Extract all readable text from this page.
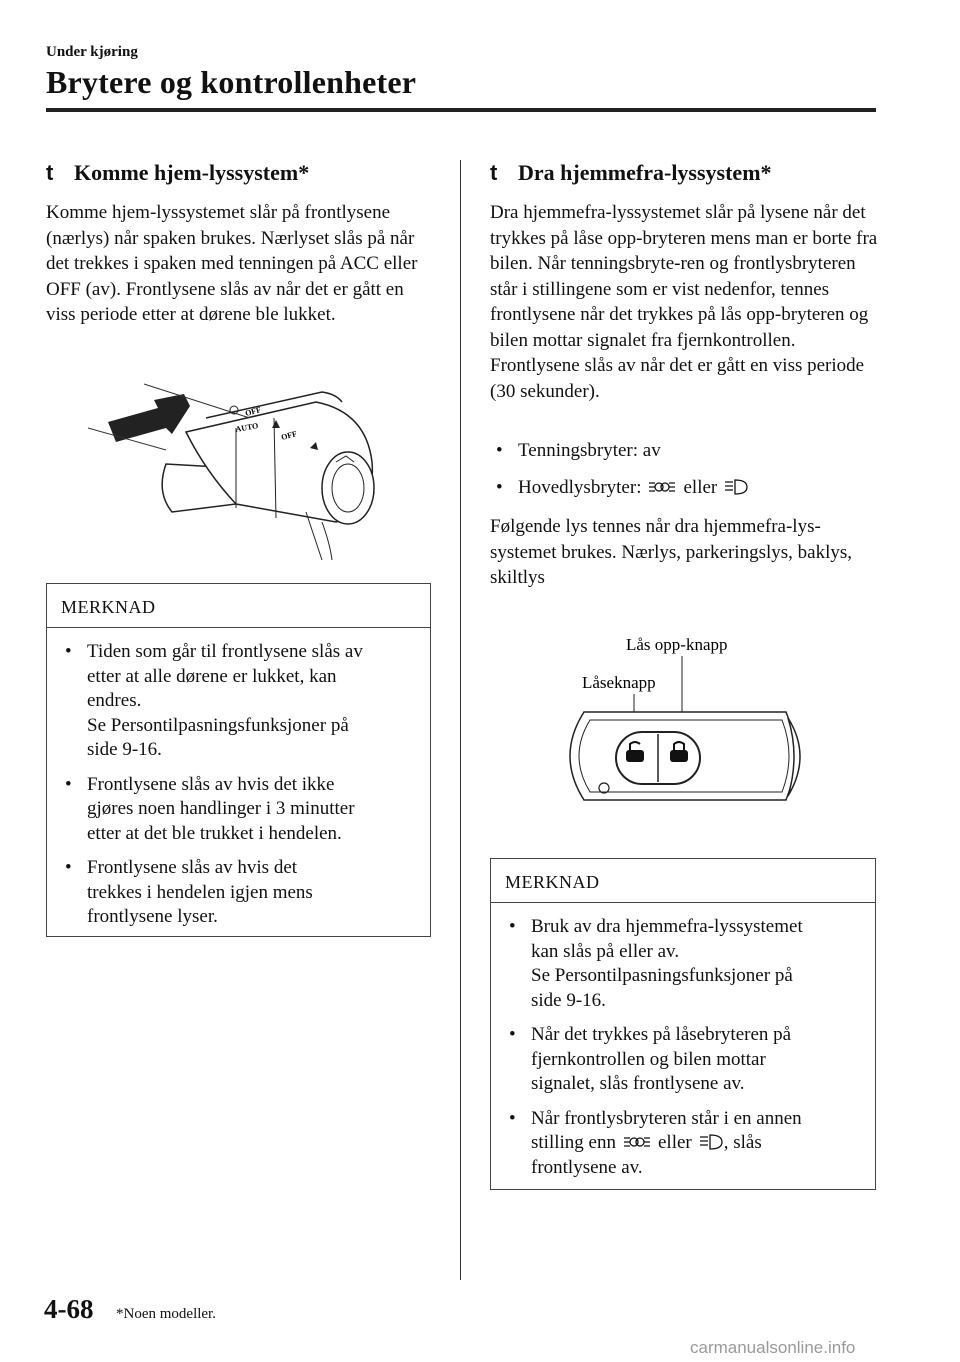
Under kjøring
Brytere og kontrollenheter
t Komme hjem-lyssystem*
Komme hjem-lyssystemet slår på frontlysene (nærlys) når spaken brukes. Nærlyset slås på når det trekkes i spaken med tenningen på ACC eller OFF (av). Frontlysene slås av når det er gått en viss periode etter at dørene ble lukket.
OFF
AUTO
OFF
MERKNAD
• Tiden som går til frontlysene slås av
etter at alle dørene er lukket, kan
endres.
Se Persontilpasningsfunksjoner på
side 9-16.
• Frontlysene slås av hvis det ikke
gjøres noen handlinger i 3 minutter
etter at det ble trukket i hendelen.
• Frontlysene slås av hvis det
trekkes i hendelen igjen mens
frontlysene lyser.
t Dra hjemmefra-lyssystem*
Dra hjemmefra-lyssystemet slår på lysene når det trykkes på låse opp-bryteren mens man er borte fra bilen. Når tenningsbryte-ren og frontlysbryteren står i stillingene som er vist nedenfor, tennes frontlysene når det trykkes på lås opp-bryteren og bilen mottar signalet fra fjernkontrollen. Frontlysene slås av når det er gått en viss periode (30 sekunder).
• Tenningsbryter: av
• Hovedlysbryter: eller
Følgende lys tennes når dra hjemmefra-lys-systemet brukes. Nærlys, parkeringslys, baklys, skiltlys
Lås opp-knapp
Låseknapp
MERKNAD
• Bruk av dra hjemmefra-lyssystemet
kan slås på eller av.
Se Persontilpasningsfunksjoner på
side 9-16.
• Når det trykkes på låsebryteren på
fjernkontrollen og bilen mottar
signalet, slås frontlysene av.
• Når frontlysbryteren står i en annen
stilling enn eller , slås
frontlysene av.
4-68 *Noen modeller.
carmanualsonline.info
